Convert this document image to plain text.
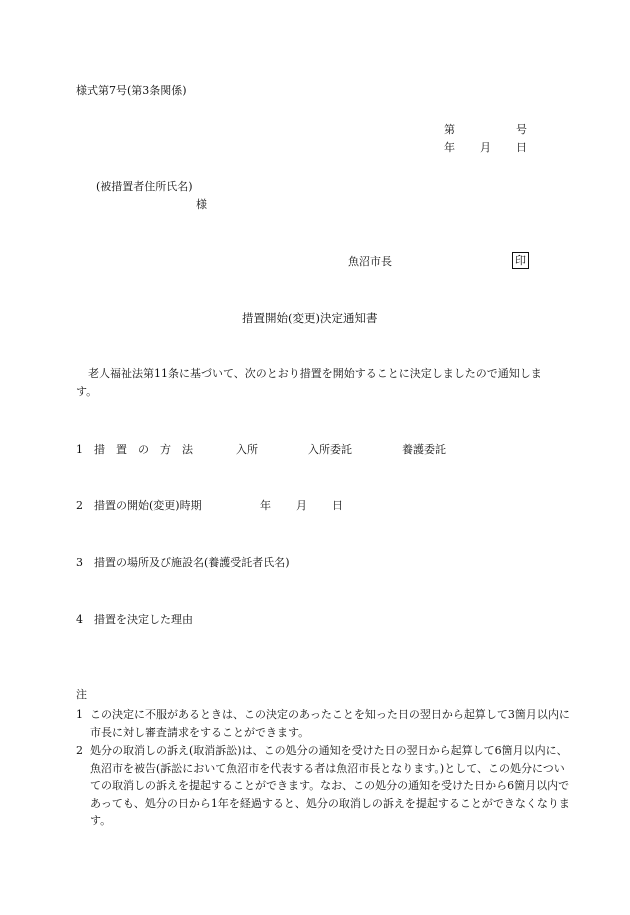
様式第7号(第3条関係)
第	号
年 月 日
(被措置者住所氏名)
様
魚沼市長	印
措置開始(変更)決定通知書
老人福祉法第11条に基づいて、次のとおり措置を開始することに決定しましたので通知します。
1 措　置　の　方　法	入所	入所委託	養護委託
2 措置の開始(変更)時期	年 月 日
3 措置の場所及び施設名(養護受託者氏名)
4 措置を決定した理由
注
1 この決定に不服があるときは、この決定のあったことを知った日の翌日から起算して3箇月以内に市長に対し審査請求をすることができます。
2 処分の取消しの訴え(取消訴訟)は、この処分の通知を受けた日の翌日から起算して6箇月以内に、魚沼市を被告(訴訟において魚沼市を代表する者は魚沼市長となります。)として、この処分についての取消しの訴えを提起することができます。なお、この処分の通知を受けた日から6箇月以内であっても、処分の日から1年を経過すると、処分の取消しの訴えを提起することができなくなります。
